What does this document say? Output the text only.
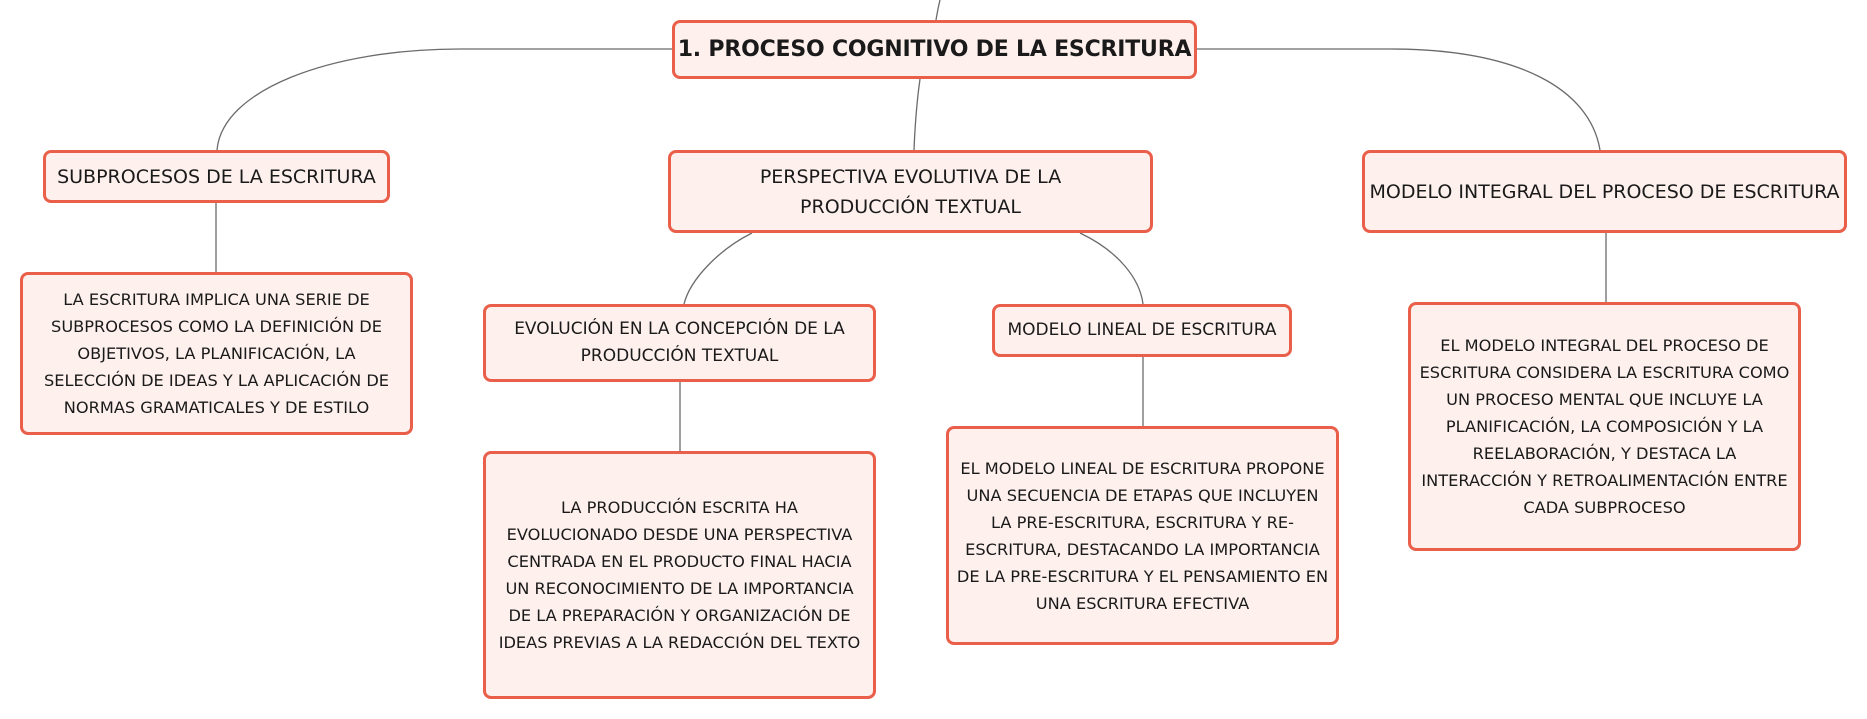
1. PROCESO COGNITIVO DE LA ESCRITURA
SUBPROCESOS DE LA ESCRITURA
LA ESCRITURA IMPLICA UNA SERIE DE SUBPROCESOS COMO LA DEFINICIÓN DE OBJETIVOS, LA PLANIFICACIÓN, LA SELECCIÓN DE IDEAS Y LA APLICACIÓN DE NORMAS GRAMATICALES Y DE ESTILO
PERSPECTIVA EVOLUTIVA DE LA PRODUCCIÓN TEXTUAL
EVOLUCIÓN EN LA CONCEPCIÓN DE LA PRODUCCIÓN TEXTUAL
LA PRODUCCIÓN ESCRITA HA EVOLUCIONADO DESDE UNA PERSPECTIVA CENTRADA EN EL PRODUCTO FINAL HACIA UN RECONOCIMIENTO DE LA IMPORTANCIA DE LA PREPARACIÓN Y ORGANIZACIÓN DE IDEAS PREVIAS A LA REDACCIÓN DEL TEXTO
MODELO LINEAL DE ESCRITURA
EL MODELO LINEAL DE ESCRITURA PROPONE UNA SECUENCIA DE ETAPAS QUE INCLUYEN LA PRE-ESCRITURA, ESCRITURA Y RE-ESCRITURA, DESTACANDO LA IMPORTANCIA DE LA PRE-ESCRITURA Y EL PENSAMIENTO EN UNA ESCRITURA EFECTIVA
MODELO INTEGRAL DEL PROCESO DE ESCRITURA
EL MODELO INTEGRAL DEL PROCESO DE ESCRITURA CONSIDERA LA ESCRITURA COMO UN PROCESO MENTAL QUE INCLUYE LA PLANIFICACIÓN, LA COMPOSICIÓN Y LA REELABORACIÓN, Y DESTACA LA INTERACCIÓN Y RETROALIMENTACIÓN ENTRE CADA SUBPROCESO
